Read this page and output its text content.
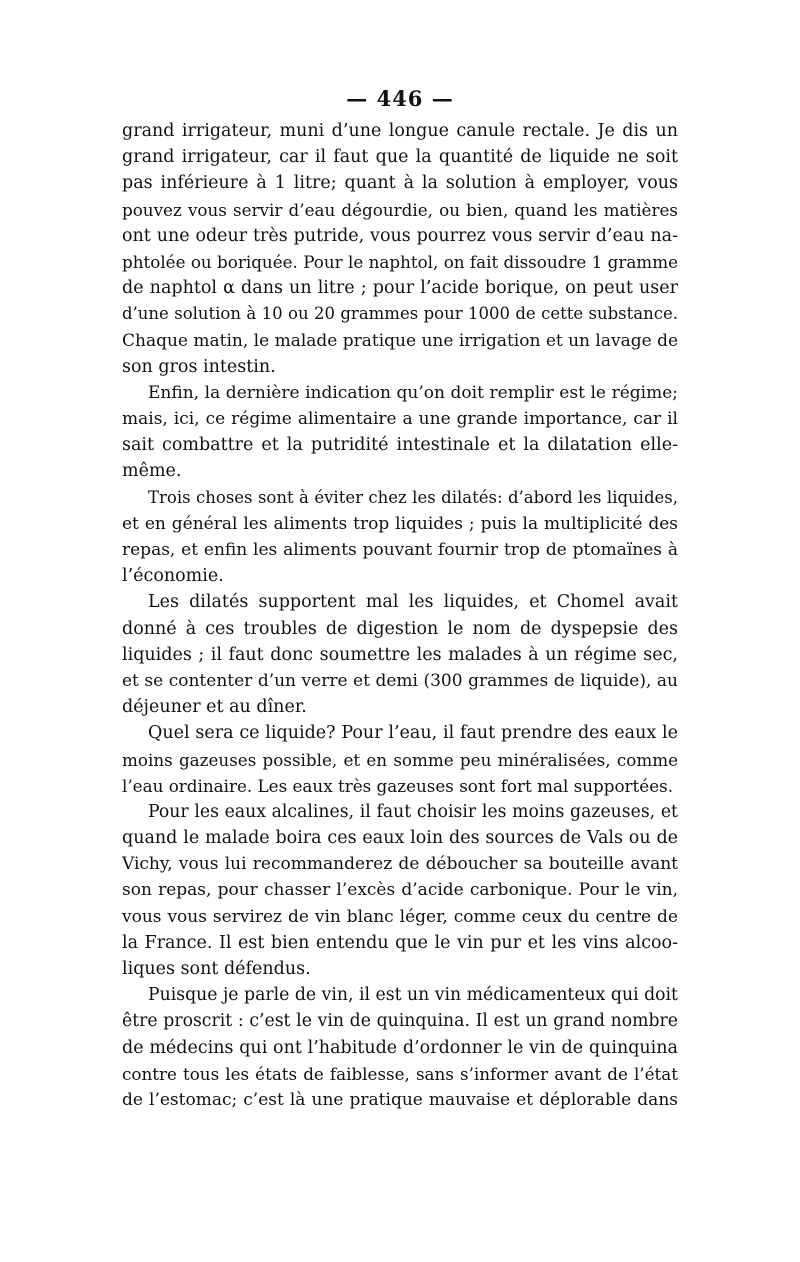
— 446 —
grand irrigateur, muni d’une longue canule rectale. Je dis un
grand irrigateur, car il faut que la quantité de liquide ne soit
pas inférieure à 1 litre; quant à la solution à employer, vous
pouvez vous servir d’eau dégourdie, ou bien, quand les matières
ont une odeur très putride, vous pourrez vous servir d’eau na-
phtolée ou boriquée. Pour le naphtol, on fait dissoudre 1 gramme
de naphtol α dans un litre ; pour l’acide borique, on peut user
d’une solution à 10 ou 20 grammes pour 1000 de cette substance.
Chaque matin, le malade pratique une irrigation et un lavage de
son gros intestin.
Enfin, la dernière indication qu’on doit remplir est le régime;
mais, ici, ce régime alimentaire a une grande importance, car il
sait combattre et la putridité intestinale et la dilatation elle-
même.
Trois choses sont à éviter chez les dilatés: d’abord les liquides,
et en général les aliments trop liquides ; puis la multiplicité des
repas, et enfin les aliments pouvant fournir trop de ptomaïnes à
l’économie.
Les dilatés supportent mal les liquides, et Chomel avait
donné à ces troubles de digestion le nom de dyspepsie des
liquides ; il faut donc soumettre les malades à un régime sec,
et se contenter d’un verre et demi (300 grammes de liquide), au
déjeuner et au dîner.
Quel sera ce liquide? Pour l’eau, il faut prendre des eaux le
moins gazeuses possible, et en somme peu minéralisées, comme
l’eau ordinaire. Les eaux très gazeuses sont fort mal supportées.
Pour les eaux alcalines, il faut choisir les moins gazeuses, et
quand le malade boira ces eaux loin des sources de Vals ou de
Vichy, vous lui recommanderez de déboucher sa bouteille avant
son repas, pour chasser l’excès d’acide carbonique. Pour le vin,
vous vous servirez de vin blanc léger, comme ceux du centre de
la France. Il est bien entendu que le vin pur et les vins alcoo-
liques sont défendus.
Puisque je parle de vin, il est un vin médicamenteux qui doit
être proscrit : c’est le vin de quinquina. Il est un grand nombre
de médecins qui ont l’habitude d’ordonner le vin de quinquina
contre tous les états de faiblesse, sans s’informer avant de l’état
de l’estomac; c’est là une pratique mauvaise et déplorable dans
